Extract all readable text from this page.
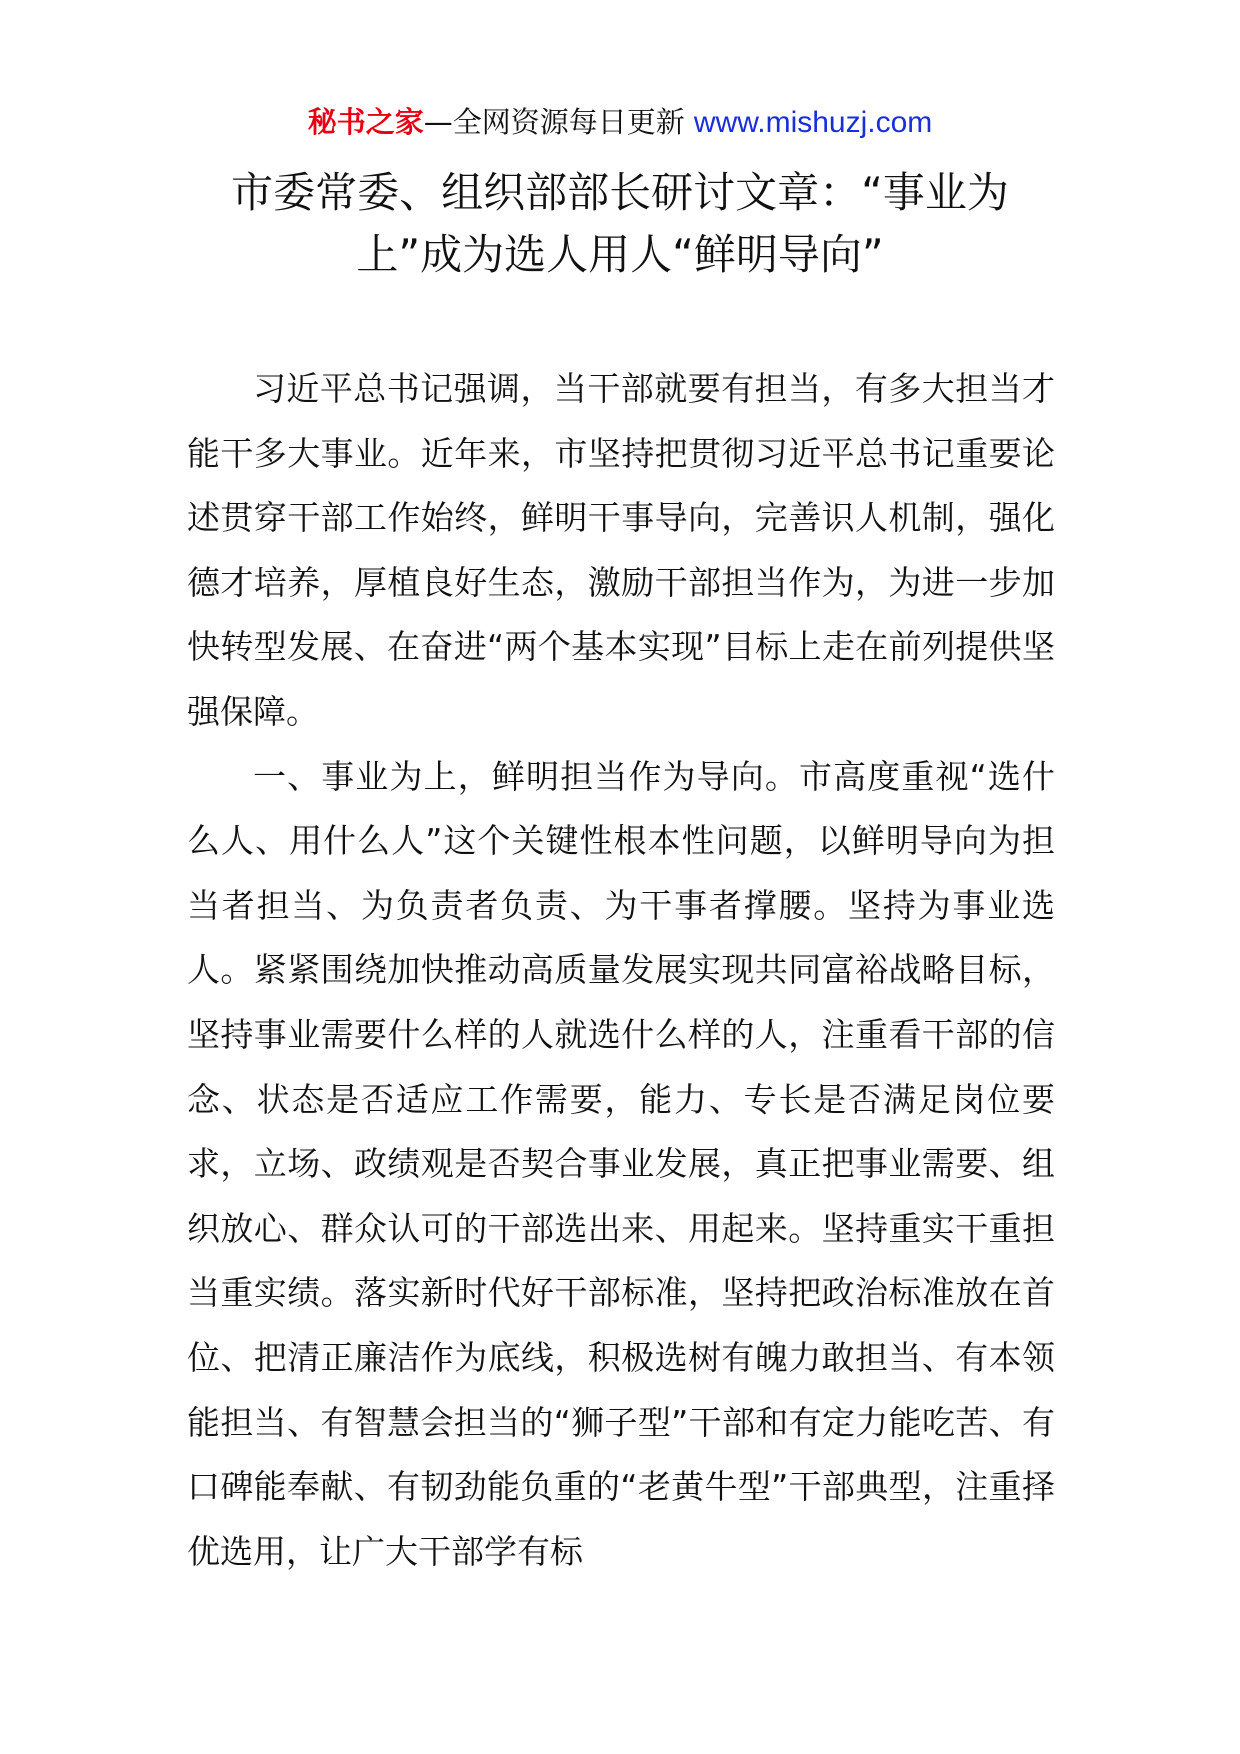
秘书之家—全网资源每日更新 www.mishuzj.com
市委常委、组织部部长研讨文章：“事业为
上”成为选人用人“鲜明导向”

习近平总书记强调，当干部就要有担当，有多大担当才能干多大事业。近年来，市坚持把贯彻习近平总书记重要论述贯穿干部工作始终，鲜明干事导向，完善识人机制，强化德才培养，厚植良好生态，激励干部担当作为，为进一步加快转型发展、在奋进“两个基本实现”目标上走在前列提供坚强保障。

一、事业为上，鲜明担当作为导向。市高度重视“选什么人、用什么人”这个关键性根本性问题，以鲜明导向为担当者担当、为负责者负责、为干事者撑腰。坚持为事业选人。紧紧围绕加快推动高质量发展实现共同富裕战略目标，坚持事业需要什么样的人就选什么样的人，注重看干部的信念、状态是否适应工作需要，能力、专长是否满足岗位要求，立场、政绩观是否契合事业发展，真正把事业需要、组织放心、群众认可的干部选出来、用起来。坚持重实干重担当重实绩。落实新时代好干部标准，坚持把政治标准放在首位、把清正廉洁作为底线，积极选树有魄力敢担当、有本领能担当、有智慧会担当的“狮子型”干部和有定力能吃苦、有口碑能奉献、有韧劲能负重的“老黄牛型”干部典型，注重择优选用，让广大干部学有标
